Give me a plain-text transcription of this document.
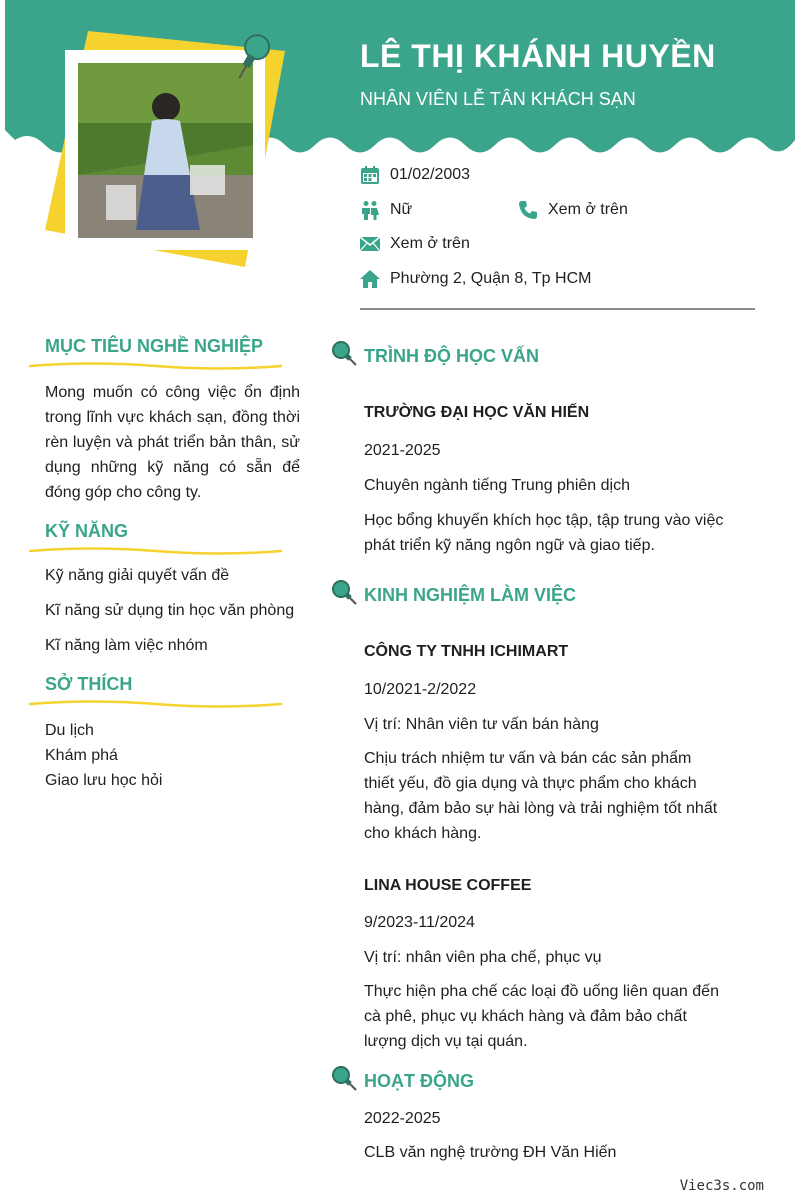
LÊ THỊ KHÁNH HUYỀN
NHÂN VIÊN LỄ TÂN KHÁCH SẠN
01/02/2003
Nữ	Xem ở trên
Xem ở trên
Phường 2, Quận 8, Tp HCM
MỤC TIÊU NGHỀ NGHIỆP
Mong muốn có công việc ổn định trong lĩnh vực khách sạn, đồng thời rèn luyện và phát triển bản thân, sử dụng những kỹ năng có sẵn để đóng góp cho công ty.
KỸ NĂNG
Kỹ năng giải quyết vấn đề
Kĩ năng sử dụng tin học văn phòng
Kĩ năng làm việc nhóm
SỞ THÍCH
Du lịch
Khám phá
Giao lưu học hỏi
TRÌNH ĐỘ HỌC VẤN
TRƯỜNG ĐẠI HỌC VĂN HIẾN
2021-2025
Chuyên ngành tiếng Trung phiên dịch
Học bổng khuyến khích học tập, tập trung vào việc phát triển kỹ năng ngôn ngữ và giao tiếp.
KINH NGHIỆM LÀM VIỆC
CÔNG TY TNHH ICHIMART
10/2021-2/2022
Vị trí: Nhân viên tư vấn bán hàng
Chịu trách nhiệm tư vấn và bán các sản phẩm thiết yếu, đồ gia dụng và thực phẩm cho khách hàng, đảm bảo sự hài lòng và trải nghiệm tốt nhất cho khách hàng.
LINA HOUSE COFFEE
9/2023-11/2024
Vị trí: nhân viên pha chế, phục vụ
Thực hiện pha chế các loại đồ uống liên quan đến cà phê, phục vụ khách hàng và đảm bảo chất lượng dịch vụ tại quán.
HOẠT ĐỘNG
2022-2025
CLB văn nghệ trường ĐH Văn Hiến
Viec3s.com
